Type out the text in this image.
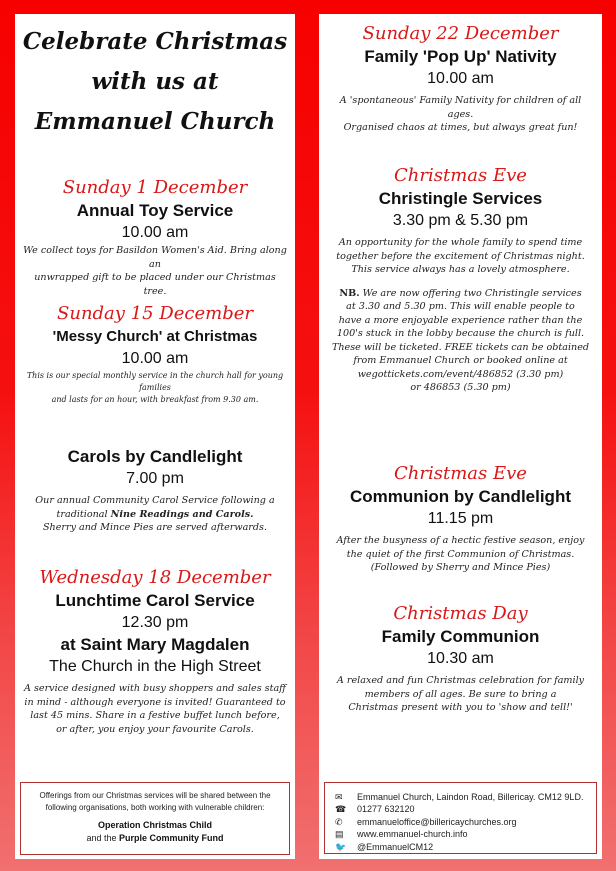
Celebrate Christmas
with us at
Emmanuel Church
Sunday 1 December
Annual Toy Service
10.00 am
We collect toys for Basildon Women's Aid. Bring along an
unwrapped gift to be placed under our Christmas tree.
Sunday 15 December
'Messy Church' at Christmas
10.00 am
This is our special monthly service in the church hall for young families
and lasts for an hour, with breakfast from 9.30 am.
Carols by Candlelight
7.00 pm
Our annual Community Carol Service following a
traditional Nine Readings and Carols.
Sherry and Mince Pies are served afterwards.
Wednesday 18 December
Lunchtime Carol Service
12.30 pm
at Saint Mary Magdalen
The Church in the High Street
A service designed with busy shoppers and sales staff
in mind - although everyone is invited! Guaranteed to
last 45 mins. Share in a festive buffet lunch before,
or after, you enjoy your favourite Carols.
Offerings from our Christmas services will be shared between the
following organisations, both working with vulnerable children:
Operation Christmas Child
and the Purple Community Fund
Sunday 22 December
Family 'Pop Up' Nativity
10.00 am
A 'spontaneous' Family Nativity for children of all ages.
Organised chaos at times, but always great fun!
Christmas Eve
Christingle Services
3.30 pm & 5.30 pm
An opportunity for the whole family to spend time
together before the excitement of Christmas night.
This service always has a lovely atmosphere.
NB. We are now offering two Christingle services
at 3.30 and 5.30 pm. This will enable people to
have a more enjoyable experience rather than the
100's stuck in the lobby because the church is full.
These will be ticketed. FREE tickets can be obtained
from Emmanuel Church or booked online at
wegottickets.com/event/486852 (3.30 pm)
or 486853 (5.30 pm)
Christmas Eve
Communion by Candlelight
11.15 pm
After the busyness of a hectic festive season, enjoy
the quiet of the first Communion of Christmas.
(Followed by Sherry and Mince Pies)
Christmas Day
Family Communion
10.30 am
A relaxed and fun Christmas celebration for family
members of all ages. Be sure to bring a
Christmas present with you to 'show and tell!'
✉	Emmanuel Church, Laindon Road, Billericay. CM12 9LD.
☎	01277 632120
✆	emmanueloffice@billericaychurches.org
▤	www.emmanuel-church.info
🐦	@EmmanuelCM12
